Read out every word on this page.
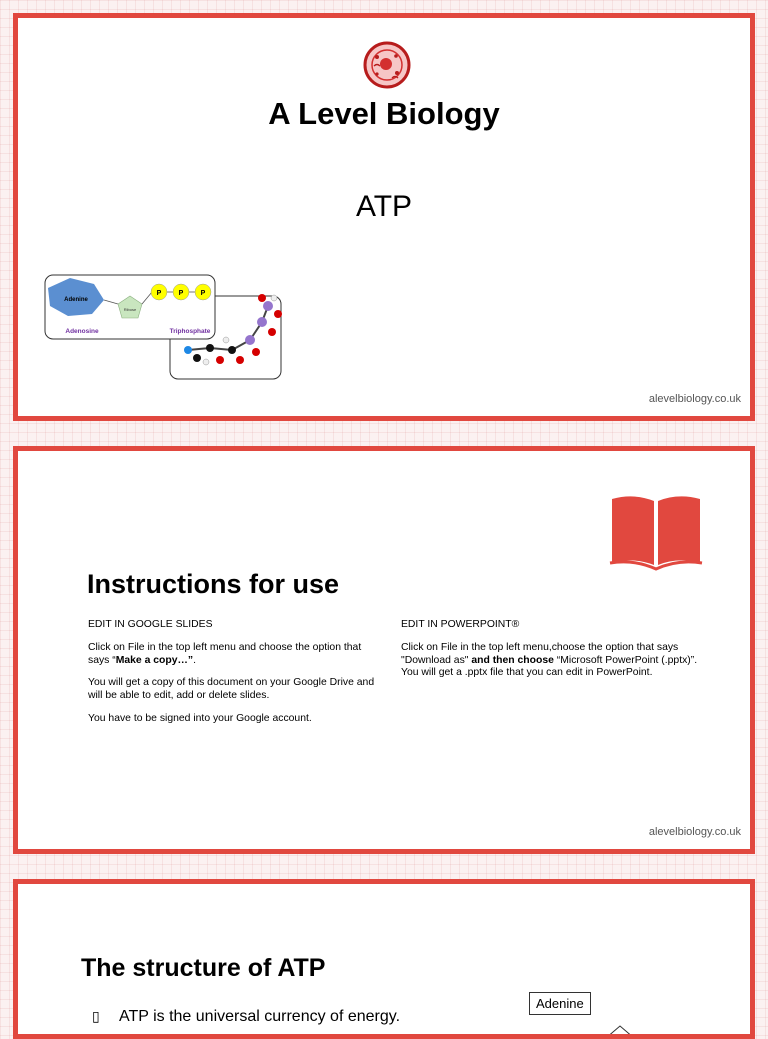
A Level Biology
ATP
Adenine
Ribose
P P P
Adenosine	Triphosphate
alevelbiology.co.uk
Instructions for use

EDIT IN GOOGLE SLIDES

Click on File in the top left menu and choose the option that says “Make a copy…”.

You will get a copy of this document on your Google Drive and will be able to edit, add or delete slides.

You have to be signed into your Google account.

EDIT IN POWERPOINT®

Click on File in the top left menu,choose the option that says "Download as" and then choose “Microsoft PowerPoint (.pptx)”. You will get a .pptx file that you can edit in PowerPoint.

alevelbiology.co.uk
The structure of ATP
▯ ATP is the universal currency of energy.
Adenine
